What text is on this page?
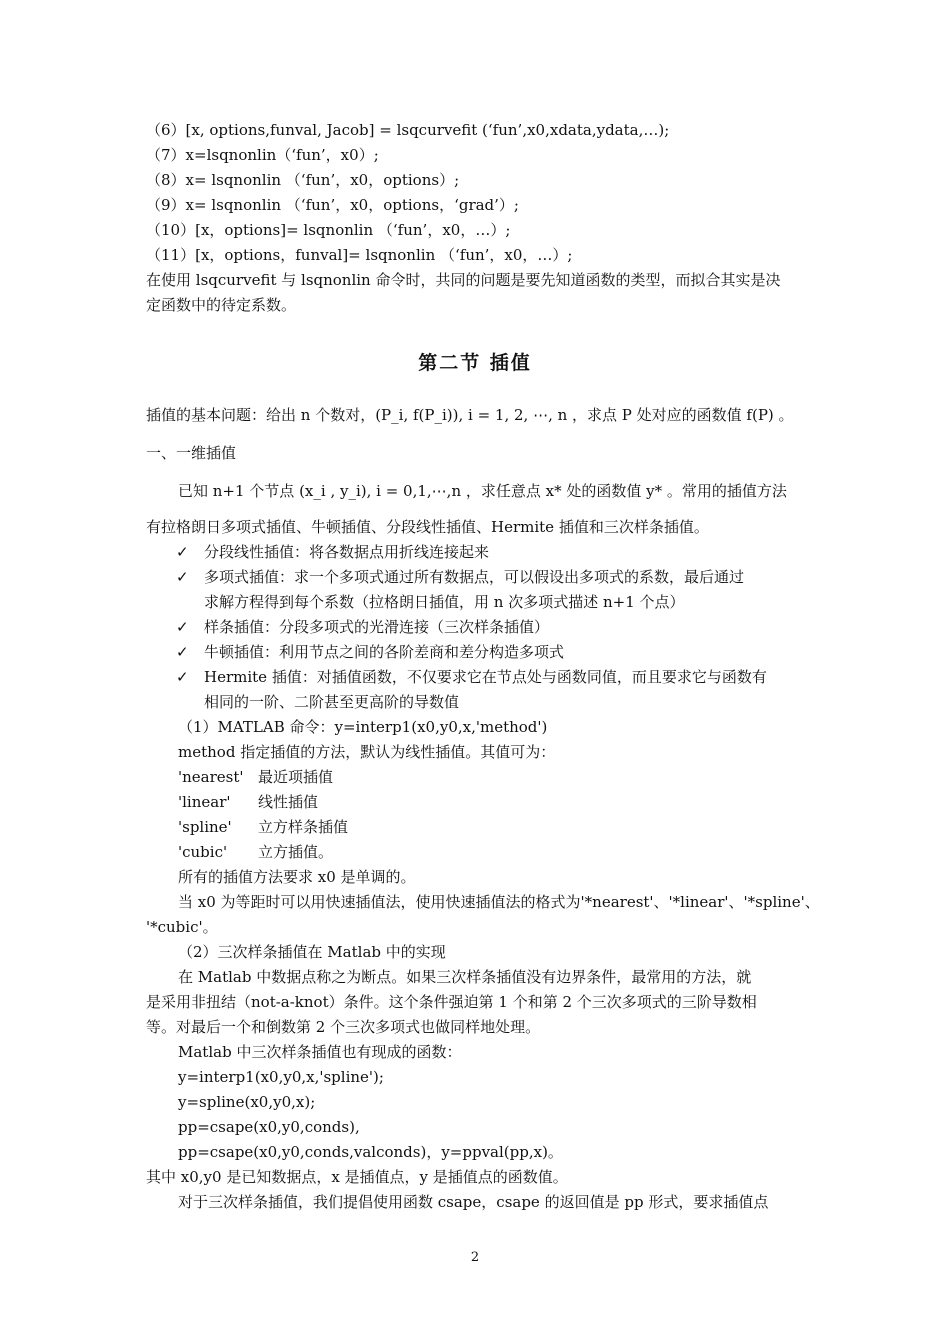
（6）[x, options,funval, Jacob] = lsqcurvefit (‘fun’,x0,xdata,ydata,…);
（7）x=lsqnonlin（‘fun’，x0）;
（8）x= lsqnonlin （‘fun’，x0，options）;
（9）x= lsqnonlin （‘fun’，x0，options，‘grad’）;
（10）[x，options]= lsqnonlin （‘fun’，x0，…）;
（11）[x，options，funval]= lsqnonlin （‘fun’，x0，…）;
在使用 lsqcurvefit 与 lsqnonlin 命令时，共同的问题是要先知道函数的类型，而拟合其实是决
定函数中的待定系数。
第二节 插值
插值的基本问题：给出 n 个数对，(P_i, f(P_i)), i = 1, 2, ⋯, n ，求点 P 处对应的函数值 f(P) 。
一、一维插值
已知 n+1 个节点 (x_i , y_i), i = 0,1,⋯,n ，求任意点 x* 处的函数值 y* 。常用的插值方法
有拉格朗日多项式插值、牛顿插值、分段线性插值、Hermite 插值和三次样条插值。
✓ 分段线性插值：将各数据点用折线连接起来
✓ 多项式插值：求一个多项式通过所有数据点，可以假设出多项式的系数，最后通过
求解方程得到每个系数（拉格朗日插值，用 n 次多项式描述 n+1 个点）
✓ 样条插值：分段多项式的光滑连接（三次样条插值）
✓ 牛顿插值：利用节点之间的各阶差商和差分构造多项式
✓ Hermite 插值：对插值函数，不仅要求它在节点处与函数同值，而且要求它与函数有
相同的一阶、二阶甚至更高阶的导数值
（1）MATLAB 命令：y=interp1(x0,y0,x,'method')
method 指定插值的方法，默认为线性插值。其值可为：
'nearest' 最近项插值
'linear' 线性插值
'spline' 立方样条插值
'cubic' 立方插值。
所有的插值方法要求 x0 是单调的。
当 x0 为等距时可以用快速插值法，使用快速插值法的格式为'*nearest'、'*linear'、'*spline'、
'*cubic'。
（2）三次样条插值在 Matlab 中的实现
在 Matlab 中数据点称之为断点。如果三次样条插值没有边界条件，最常用的方法，就
是采用非扭结（not-a-knot）条件。这个条件强迫第 1 个和第 2 个三次多项式的三阶导数相
等。对最后一个和倒数第 2 个三次多项式也做同样地处理。
Matlab 中三次样条插值也有现成的函数：
y=interp1(x0,y0,x,'spline');
y=spline(x0,y0,x);
pp=csape(x0,y0,conds),
pp=csape(x0,y0,conds,valconds)，y=ppval(pp,x)。
其中 x0,y0 是已知数据点，x 是插值点，y 是插值点的函数值。
对于三次样条插值，我们提倡使用函数 csape，csape 的返回值是 pp 形式，要求插值点
2
